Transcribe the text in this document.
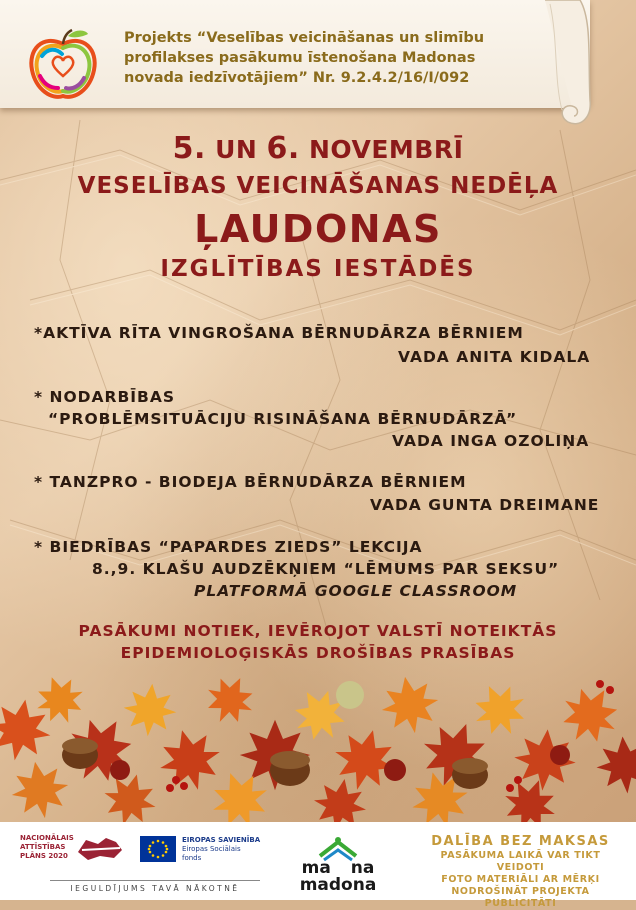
Projekts “Veselības veicināšanas un slimību
profilakses pasākumu īstenošana Madonas
novada iedzīvotājiem” Nr. 9.2.4.2/16/I/092
5. UN 6. NOVEMBRĪ
VESELĪBAS VEICINĀŠANAS NEDĒĻA
ĻAUDONAS
IZGLĪTĪBAS IESTĀDĒS
*AKTĪVA RĪTA VINGROŠANA BĒRNUDĀRZA BĒRNIEM
VADA ANITA KIDALA
* NODARBĪBAS
“PROBLĒMSITUĀCIJU RISINĀŠANA BĒRNUDĀRZĀ”
VADA INGA OZOLIŅA
* TANZPRO - BIODEJA BĒRNUDĀRZA BĒRNIEM
VADA GUNTA DREIMANE
* BIEDRĪBAS “PAPARDES ZIEDS” LEKCIJA
8.,9. KLAŠU AUDZĒKŅIEM “LĒMUMS PAR SEKSU”
PLATFORMĀ GOOGLE CLASSROOM
PASĀKUMI NOTIEK, IEVĒROJOT VALSTĪ NOTEIKTĀS
EPIDEMIOLOĢISKĀS DROŠĪBAS PRASĪBAS
NACIONĀLAIS
ATTĪSTĪBAS
PLĀNS 2020
EIROPAS SAVIENĪBA
Eiropas Sociālais
fonds
IEGULDĪJUMS TAVĀ NĀKOTNĒ
ma na
madona
DALĪBA BEZ MAKSAS
PASĀKUMA LAIKĀ VAR TIKT VEIDOTI
FOTO MATERIĀLI AR MĒRĶI
NODROŠINĀT PROJEKTA PUBLICITĀTI
